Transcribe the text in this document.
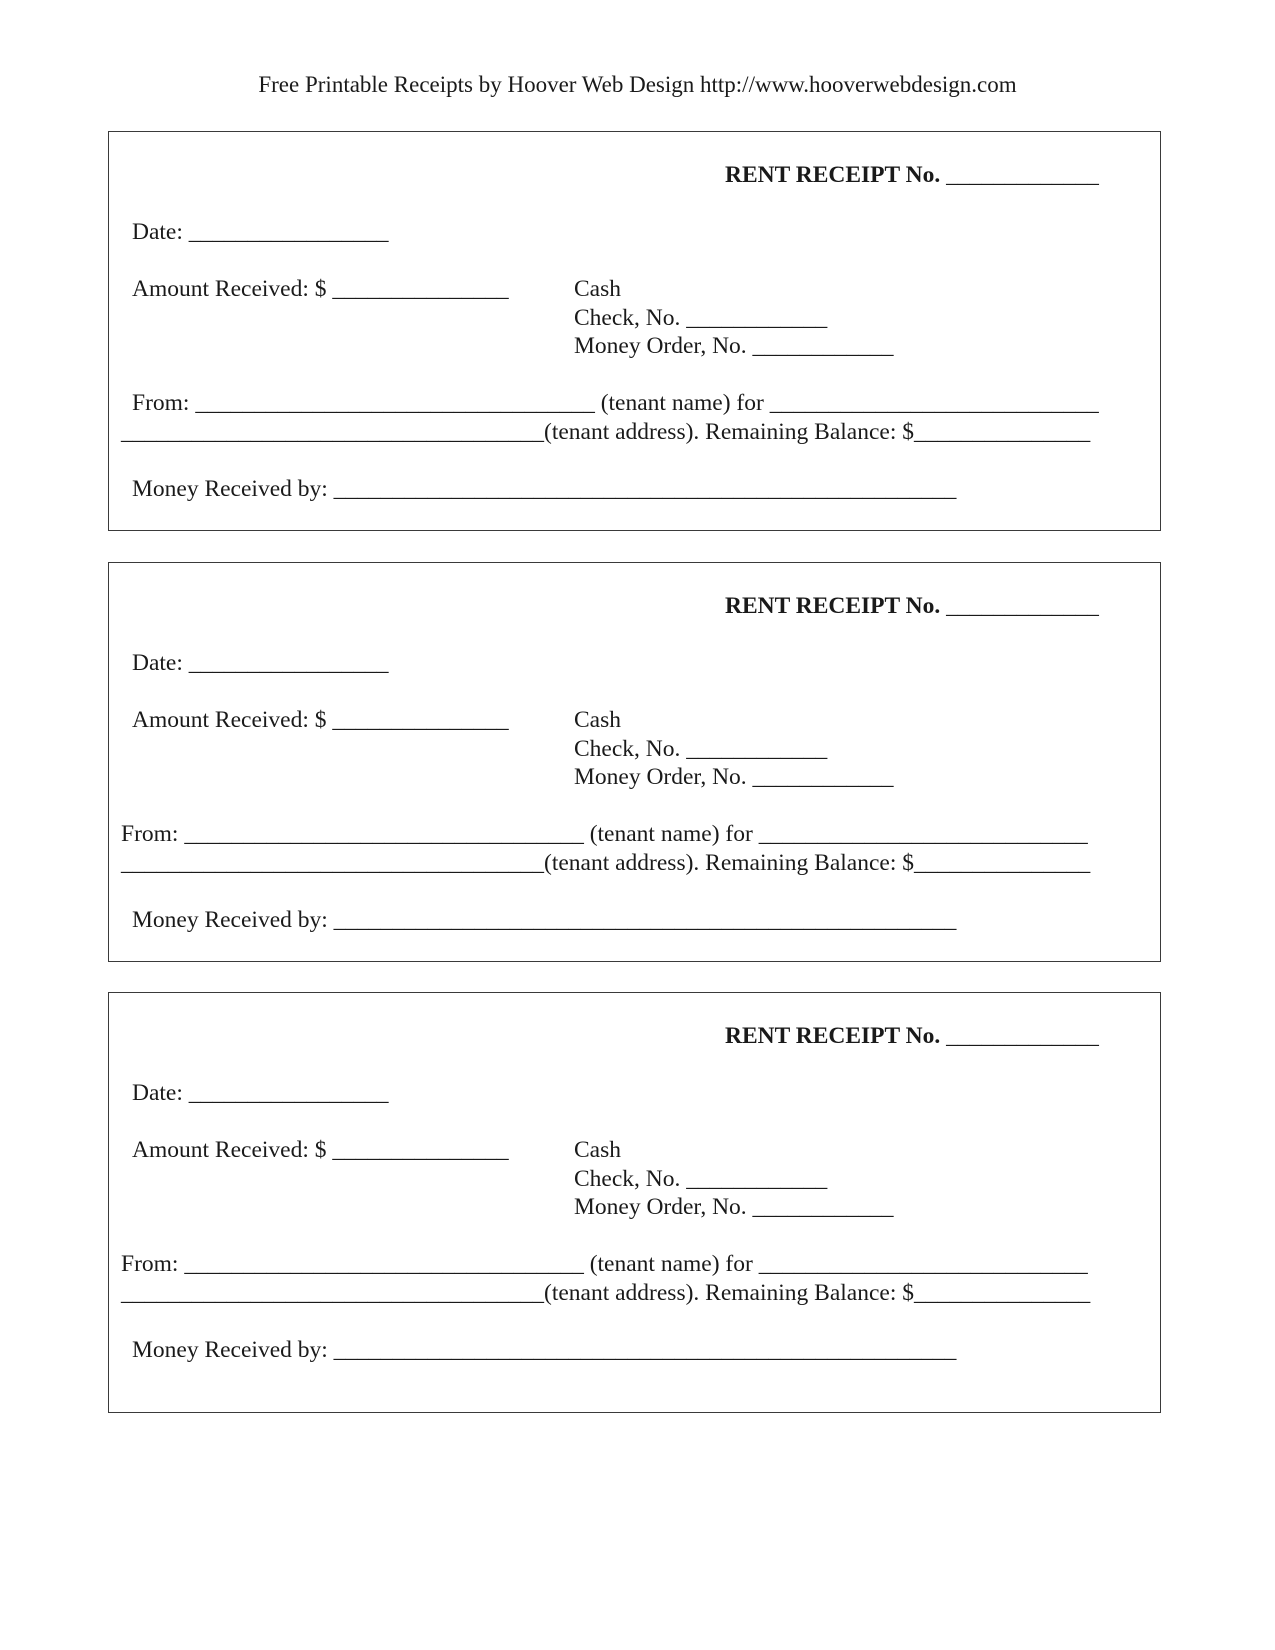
Free Printable Receipts by Hoover Web Design http://www.hooverwebdesign.com
RENT RECEIPT No. _____________
Date: _________________
Amount Received: $ _______________	Cash
Check, No. ____________
Money Order, No. ____________
From: __________________________________ (tenant name) for ____________________________
____________________________________(tenant address). Remaining Balance: $_______________
Money Received by: _____________________________________________________
RENT RECEIPT No. _____________
Date: _________________
Amount Received: $ _______________	Cash
Check, No. ____________
Money Order, No. ____________
From: __________________________________ (tenant name) for ____________________________
____________________________________(tenant address). Remaining Balance: $_______________
Money Received by: _____________________________________________________
RENT RECEIPT No. _____________
Date: _________________
Amount Received: $ _______________	Cash
Check, No. ____________
Money Order, No. ____________
From: __________________________________ (tenant name) for ____________________________
____________________________________(tenant address). Remaining Balance: $_______________
Money Received by: _____________________________________________________
